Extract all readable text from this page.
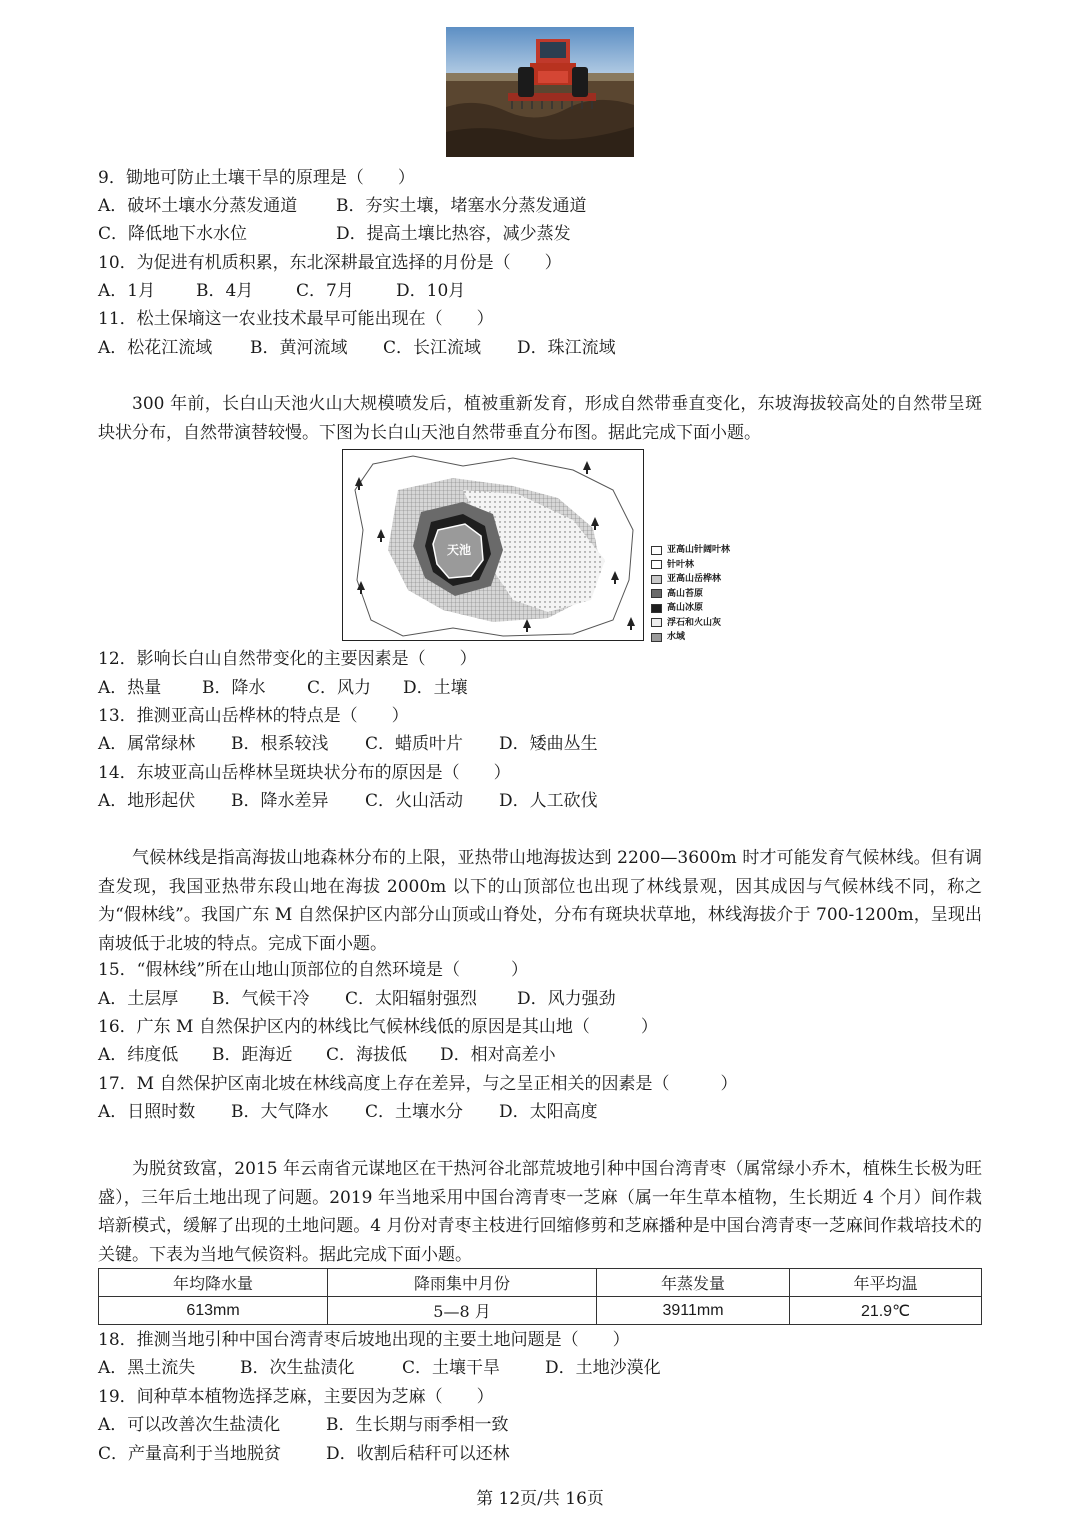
9．锄地可防止土壤干旱的原理是（　　）
A．破坏土壤水分蒸发通道 B．夯实土壤，堵塞水分蒸发通道
C．降低地下水水位	D．提高土壤比热容，减少蒸发
10．为促进有机质积累，东北深耕最宜选择的月份是（　　）
A．1月 B．4月	C．7月 D．10月
11．松土保墒这一农业技术最早可能出现在（　　）
A．松花江流域 B．黄河流域 C．长江流域 D．珠江流域
300 年前，长白山天池火山大规模喷发后，植被重新发育，形成自然带垂直变化，东坡海拔较高处的自然带呈斑块状分布，自然带演替较慢。下图为长白山天池自然带垂直分布图。据此完成下面小题。
天池	亚高山针阔叶林
针叶林
亚高山岳桦林
高山苔原
高山冰原
浮石和火山灰
水域
12．影响长白山自然带变化的主要因素是（　　）
A．热量 B．降水 C．风力 D．土壤
13．推测亚高山岳桦林的特点是（　　）
A．属常绿林 B．根系较浅 C．蜡质叶片 D．矮曲丛生
14．东坡亚高山岳桦林呈斑块状分布的原因是（　　）
A．地形起伏 B．降水差异 C．火山活动 D．人工砍伐
气候林线是指高海拔山地森林分布的上限，亚热带山地海拔达到 2200—3600m 时才可能发育气候林线。但有调查发现，我国亚热带东段山地在海拔 2000m 以下的山顶部位也出现了林线景观，因其成因与气候林线不同，称之为“假林线”。我国广东 M 自然保护区内部分山顶或山脊处，分布有斑块状草地，林线海拔介于 700-1200m，呈现出南坡低于北坡的特点。完成下面小题。
15．“假林线”所在山地山顶部位的自然环境是（　　　）
A．土层厚 B．气候干冷 C．太阳辐射强烈 D．风力强劲
16．广东 M 自然保护区内的林线比气候林线低的原因是其山地（　　　）
A．纬度低 B．距海近 C．海拔低 D．相对高差小
17．M 自然保护区南北坡在林线高度上存在差异，与之呈正相关的因素是（　　　）
A．日照时数 B．大气降水 C．土壤水分 D．太阳高度
为脱贫致富，2015 年云南省元谋地区在干热河谷北部荒坡地引种中国台湾青枣（属常绿小乔木，植株生长极为旺盛），三年后土地出现了问题。2019 年当地采用中国台湾青枣一芝麻（属一年生草本植物，生长期近 4 个月）间作栽培新模式，缓解了出现的土地问题。4 月份对青枣主枝进行回缩修剪和芝麻播种是中国台湾青枣一芝麻间作栽培技术的关键。下表为当地气候资料。据此完成下面小题。
年均降水量	降雨集中月份	年蒸发量	年平均温
613mm	5—8 月	3911mm	21.9℃
18．推测当地引种中国台湾青枣后坡地出现的主要土地问题是（　　）
A．黑土流失	B．次生盐渍化	C．土壤干旱	D．土地沙漠化
19．间种草本植物选择芝麻，主要因为芝麻（　　）
A．可以改善次生盐渍化	B．生长期与雨季相一致
C．产量高利于当地脱贫	D．收割后秸秆可以还林
第 12页/共 16页
